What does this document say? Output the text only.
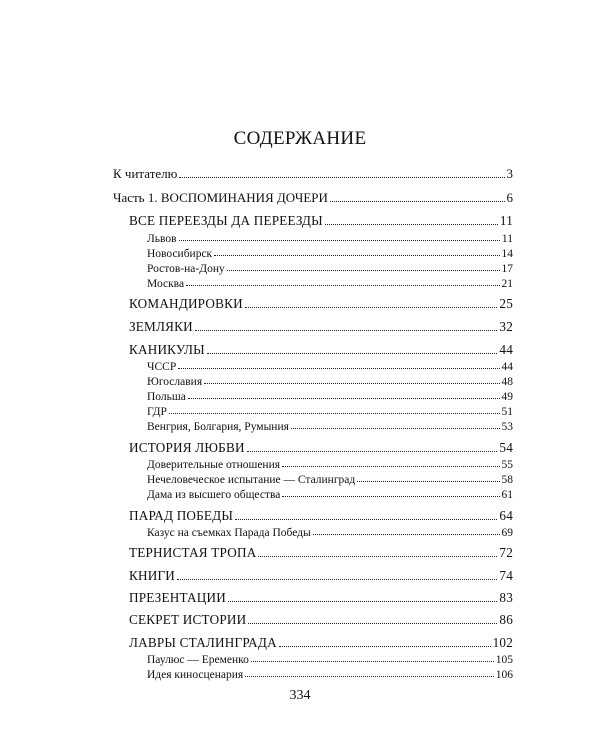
СОДЕРЖАНИЕ
К читателю	3
Часть 1. ВОСПОМИНАНИЯ ДОЧЕРИ	6
ВСЕ ПЕРЕЕЗДЫ ДА ПЕРЕЕЗДЫ	11
Львов	11
Новосибирск	14
Ростов-на-Дону	17
Москва	21
КОМАНДИРОВКИ	25
ЗЕМЛЯКИ	32
КАНИКУЛЫ	44
ЧССР	44
Югославия	48
Польша	49
ГДР	51
Венгрия, Болгария, Румыния	53
ИСТОРИЯ ЛЮБВИ	54
Доверительные отношения	55
Нечеловеческое испытание — Сталинград	58
Дама из высшего общества	61
ПАРАД ПОБЕДЫ	64
Казус на съемках Парада Победы	69
ТЕРНИСТАЯ ТРОПА	72
КНИГИ	74
ПРЕЗЕНТАЦИИ	83
СЕКРЕТ ИСТОРИИ	86
ЛАВРЫ СТАЛИНГРАДА	102
Паулюс — Еременко	105
Идея киносценария	106
334
